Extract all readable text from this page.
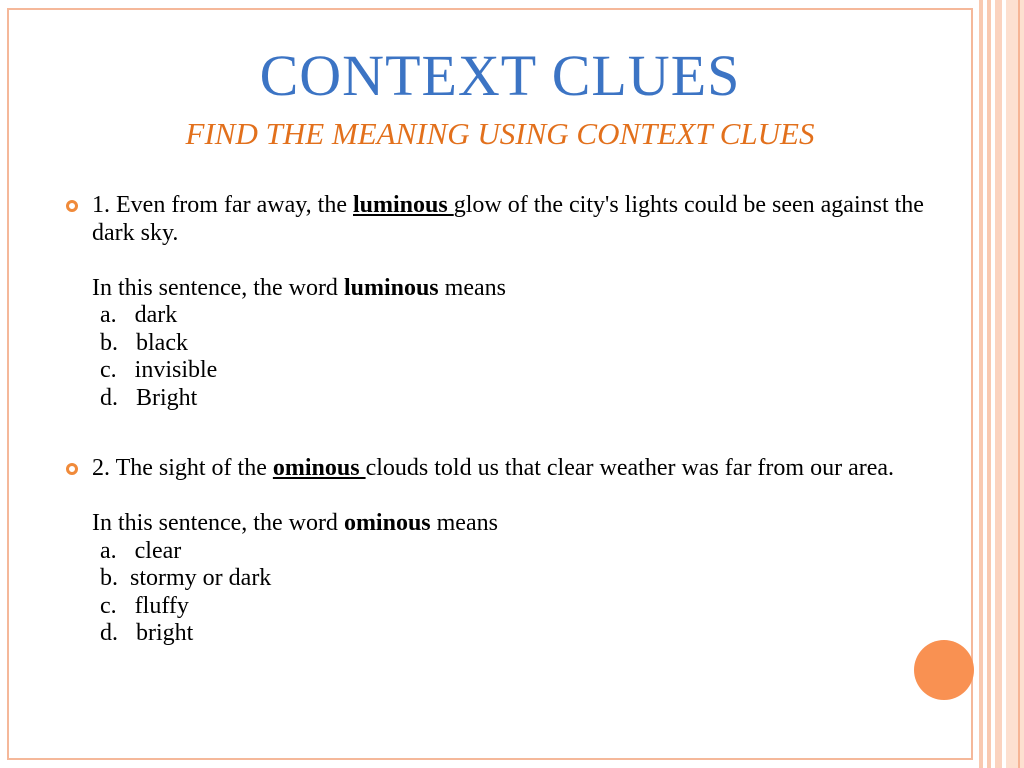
CONTEXT CLUES
FIND THE MEANING USING CONTEXT CLUES

1. Even from far away, the luminous glow of the city's lights could be seen against the dark sky.

In this sentence, the word luminous means

a.   dark
b.   black
c.   invisible
d.   Bright

2. The sight of the ominous clouds told us that clear weather was far from our area.

In this sentence, the word ominous means

a.   clear
b.  stormy or dark
c.   fluffy
d.   bright
